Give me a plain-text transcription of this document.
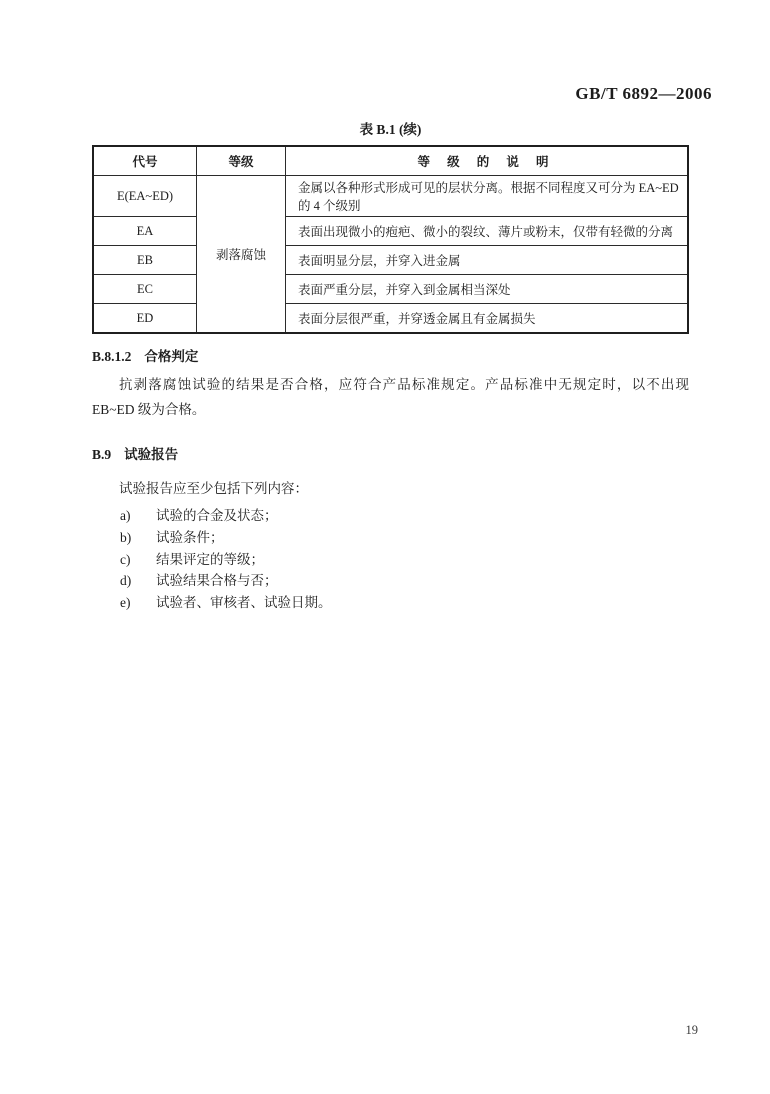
GB/T 6892—2006
表 B.1 (续)
代号	等级	等 级 的 说 明
E(EA~ED)	剥落腐蚀	金属以各种形式形成可见的层状分离。根据不同程度又可分为 EA~ED 的 4 个级别
EA		表面出现微小的疱疤、微小的裂纹、薄片或粉末，仅带有轻微的分离
EB		表面明显分层，并穿入进金属
EC		表面严重分层，并穿入到金属相当深处
ED		表面分层很严重，并穿透金属且有金属损失
B.8.1.2 合格判定

抗剥落腐蚀试验的结果是否合格，应符合产品标准规定。产品标准中无规定时，以不出现 EB~ED 级为合格。

B.9 试验报告
试验报告应至少包括下列内容：
a)	试验的合金及状态；
b)	试验条件；
c)	结果评定的等级；
d)	试验结果合格与否；
e)	试验者、审核者、试验日期。
19
